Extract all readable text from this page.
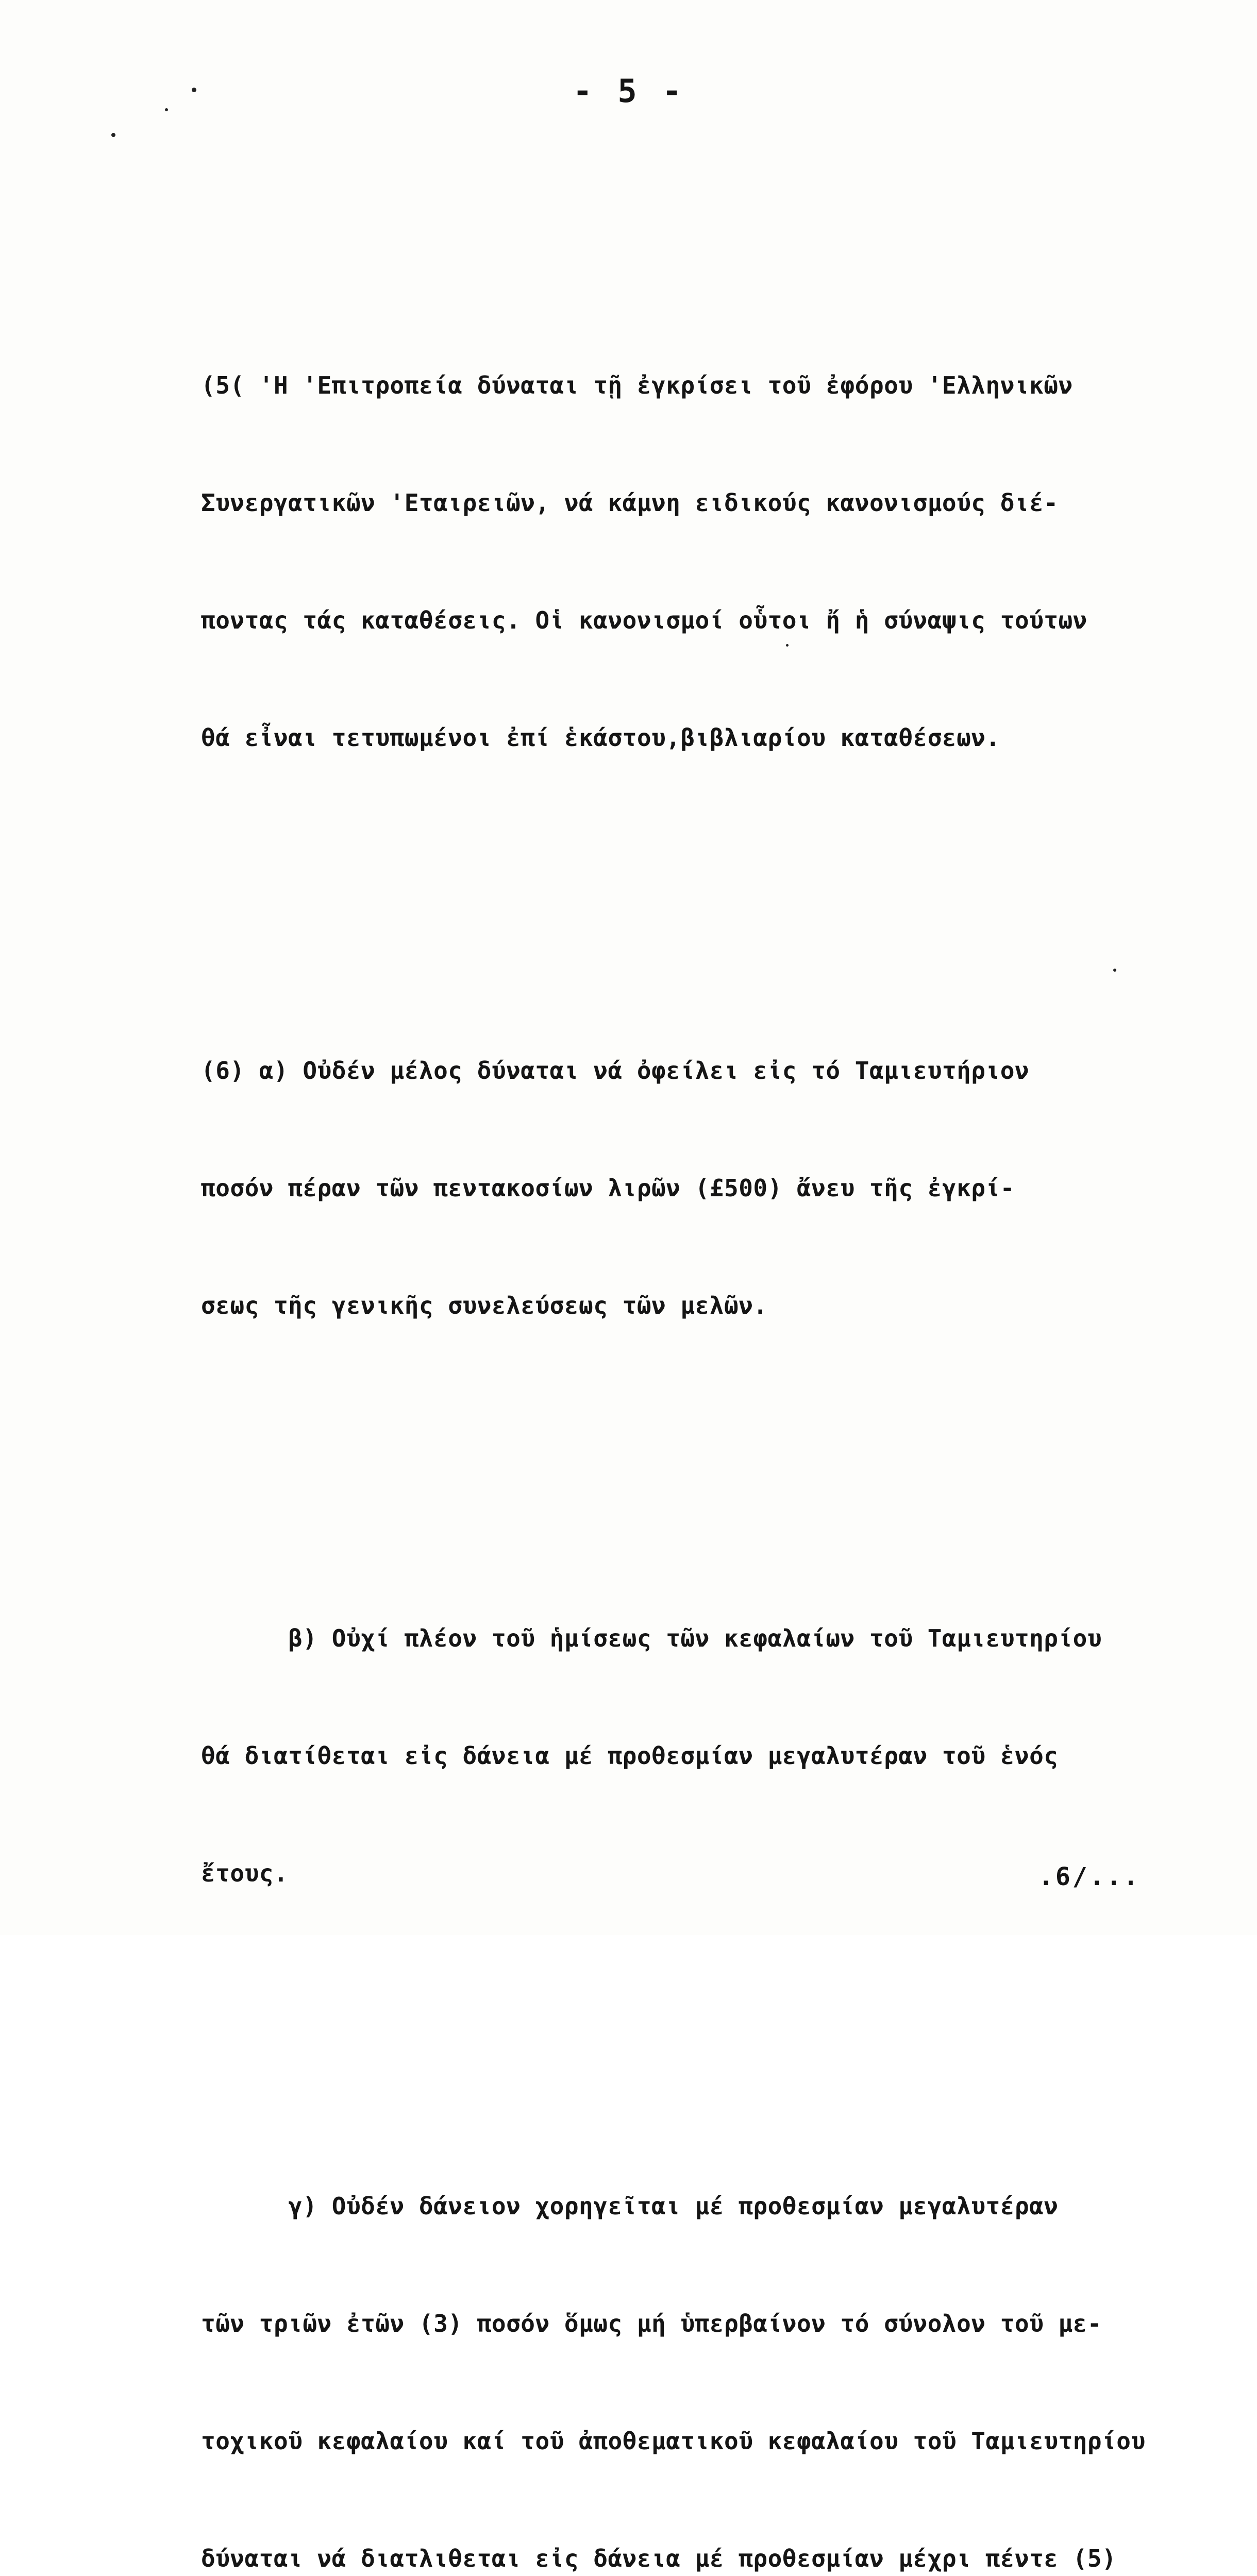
- 5 -

(5( 'Η 'Επιτροπεία δύναται τῇ ἐγκρίσει τοῦ ἐφόρου 'Ελληνικῶν

Συνεργατικῶν 'Εταιρειῶν, νά κάμνη ειδικούς κανονισμούς διέ-

ποντας τάς καταθέσεις. Οἱ κανονισμοί οὗτοι ἤ ἡ σύναψις τούτων

θά εἶναι τετυπωμένοι ἐπί ἑκάστου,βιβλιαρίου καταθέσεων.

(6) α) Οὐδέν μέλος δύναται νά ὀφείλει εἰς τό Ταμιευτήριον

ποσόν πέραν τῶν πεντακοσίων λιρῶν (£500) ἄνευ τῆς ἐγκρί-

σεως τῆς γενικῆς συνελεύσεως τῶν μελῶν.

β) Οὐχί πλέον τοῦ ἡμίσεως τῶν κεφαλαίων τοῦ Ταμιευτηρίου

θά διατίθεται εἰς δάνεια μέ προθεσμίαν μεγαλυτέραν τοῦ ἑνός

ἔτους.

γ) Οὐδέν δάνειον χορηγεῖται μέ προθεσμίαν μεγαλυτέραν

τῶν τριῶν ἐτῶν (3) ποσόν ὅμως μή ὑπερβαίνον τό σύνολον τοῦ με-

τοχικοῦ κεφαλαίου καί τοῦ ἀποθεματικοῦ κεφαλαίου τοῦ Ταμιευτηρίου

δύναται νά διατλιθεται εἰς δάνεια μέ προθεσμίαν μέχρι πέντε (5)

.6/...
